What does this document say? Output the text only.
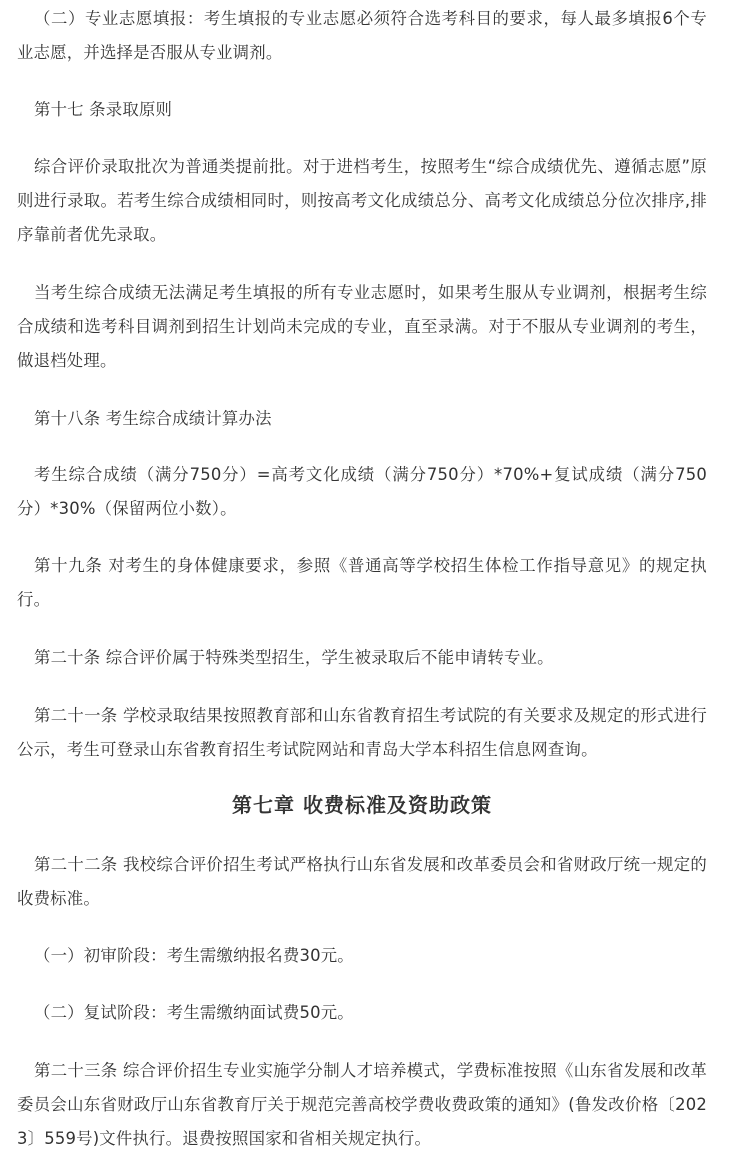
（二）专业志愿填报：考生填报的专业志愿必须符合选考科目的要求，每人最多填报6个专业志愿，并选择是否服从专业调剂。

第十七 条录取原则

综合评价录取批次为普通类提前批。对于进档考生，按照考生“综合成绩优先、遵循志愿”原则进行录取。若考生综合成绩相同时，则按高考文化成绩总分、高考文化成绩总分位次排序,排序靠前者优先录取。

当考生综合成绩无法满足考生填报的所有专业志愿时，如果考生服从专业调剂，根据考生综合成绩和选考科目调剂到招生计划尚未完成的专业，直至录满。对于不服从专业调剂的考生，做退档处理。

第十八条 考生综合成绩计算办法

考生综合成绩（满分750分）=高考文化成绩（满分750分）*70%+复试成绩（满分750分）*30%（保留两位小数）。

第十九条 对考生的身体健康要求，参照《普通高等学校招生体检工作指导意见》的规定执行。

第二十条 综合评价属于特殊类型招生，学生被录取后不能申请转专业。

第二十一条 学校录取结果按照教育部和山东省教育招生考试院的有关要求及规定的形式进行公示，考生可登录山东省教育招生考试院网站和青岛大学本科招生信息网查询。

第七章 收费标准及资助政策

第二十二条 我校综合评价招生考试严格执行山东省发展和改革委员会和省财政厅统一规定的收费标准。

（一）初审阶段：考生需缴纳报名费30元。

（二）复试阶段：考生需缴纳面试费50元。

第二十三条 综合评价招生专业实施学分制人才培养模式，学费标准按照《山东省发展和改革委员会山东省财政厅山东省教育厅关于规范完善高校学费收费政策的通知》(鲁发改价格〔2023〕559号)文件执行。退费按照国家和省相关规定执行。
